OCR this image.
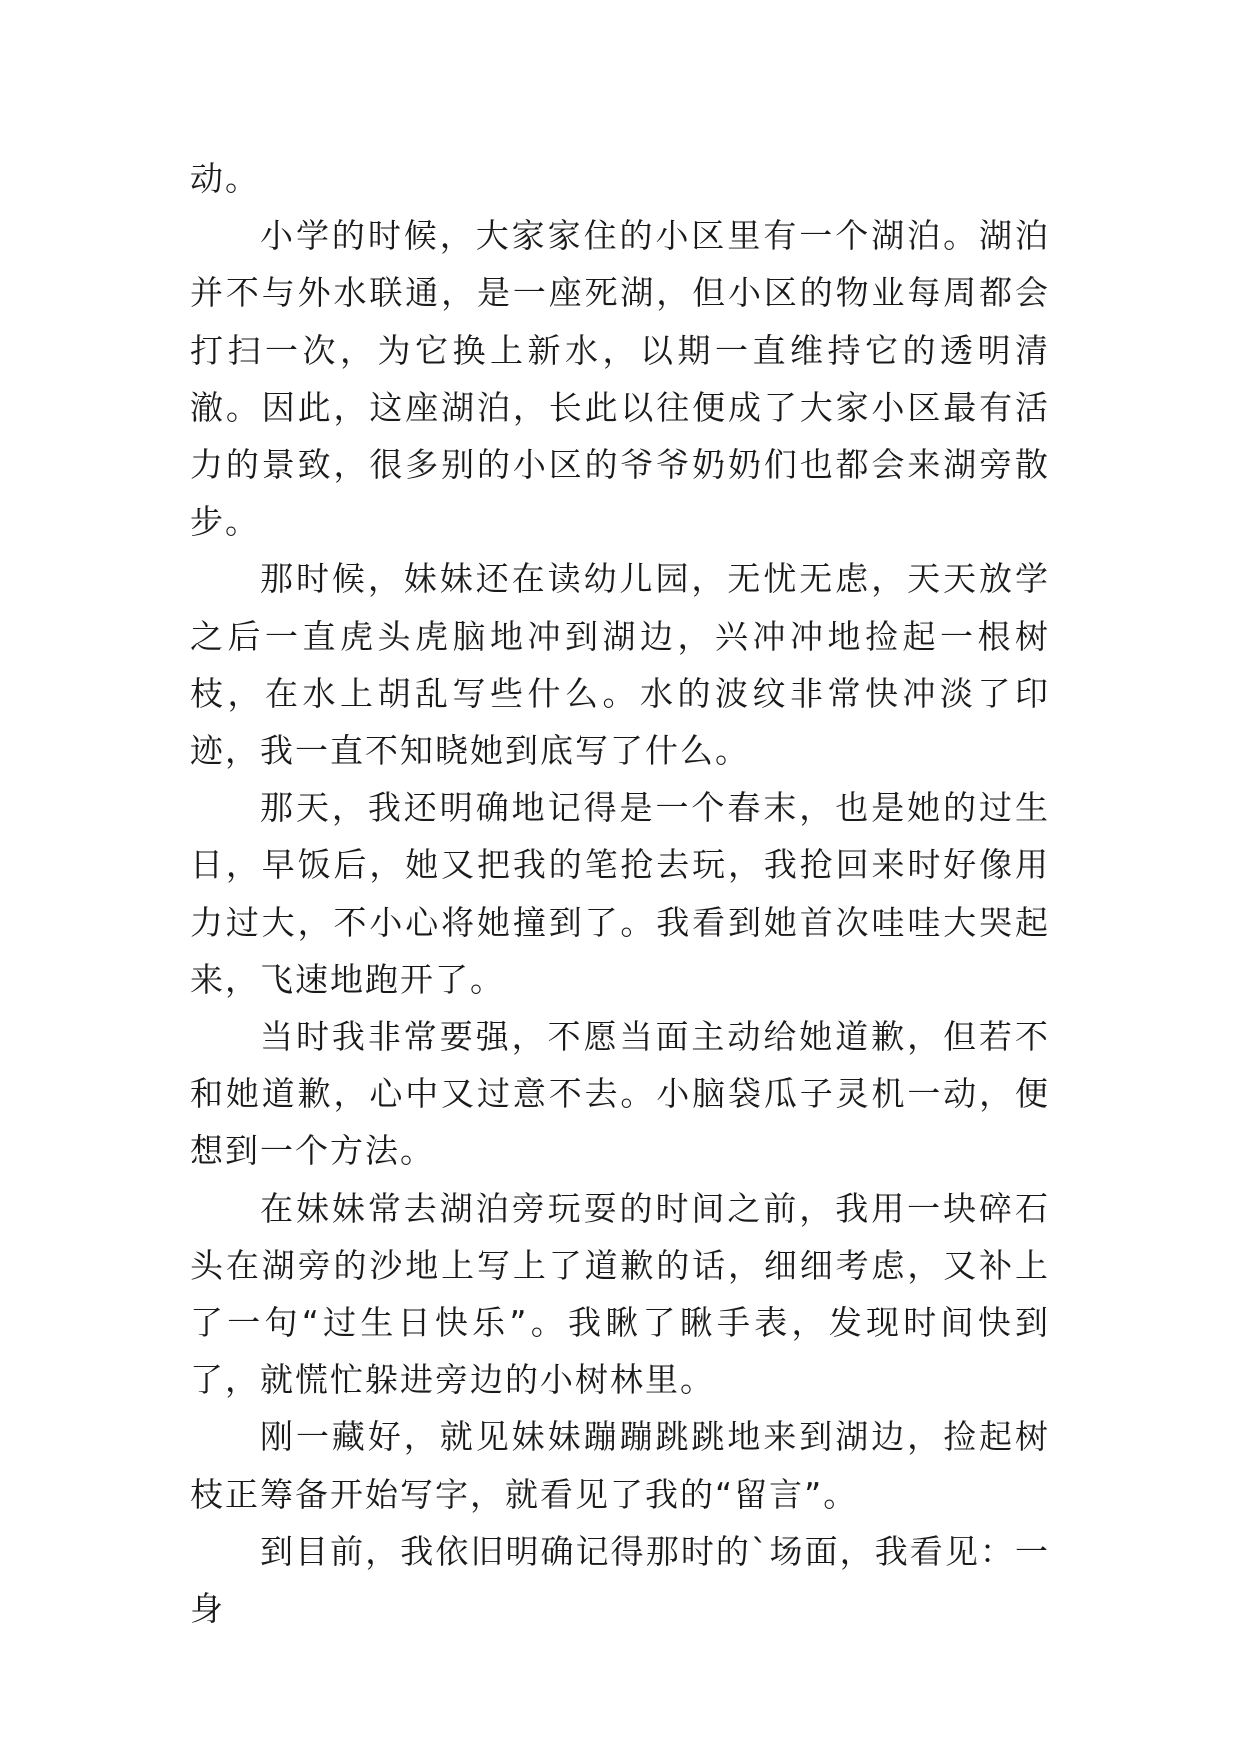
动。

小学的时候，大家家住的小区里有一个湖泊。湖泊并不与外水联通，是一座死湖，但小区的物业每周都会打扫一次，为它换上新水，以期一直维持它的透明清澈。因此，这座湖泊，长此以往便成了大家小区最有活力的景致，很多别的小区的爷爷奶奶们也都会来湖旁散步。

那时候，妹妹还在读幼儿园，无忧无虑，天天放学之后一直虎头虎脑地冲到湖边，兴冲冲地捡起一根树枝，在水上胡乱写些什么。水的波纹非常快冲淡了印迹，我一直不知晓她到底写了什么。

那天，我还明确地记得是一个春末，也是她的过生日，早饭后，她又把我的笔抢去玩，我抢回来时好像用力过大，不小心将她撞到了。我看到她首次哇哇大哭起来，飞速地跑开了。

当时我非常要强，不愿当面主动给她道歉，但若不和她道歉，心中又过意不去。小脑袋瓜子灵机一动，便想到一个方法。

在妹妹常去湖泊旁玩耍的时间之前，我用一块碎石头在湖旁的沙地上写上了道歉的话，细细考虑，又补上了一句“过生日快乐”。我瞅了瞅手表，发现时间快到了，就慌忙躲进旁边的小树林里。

刚一藏好，就见妹妹蹦蹦跳跳地来到湖边，捡起树枝正筹备开始写字，就看见了我的“留言”。

到目前，我依旧明确记得那时的`场面，我看见：一身
